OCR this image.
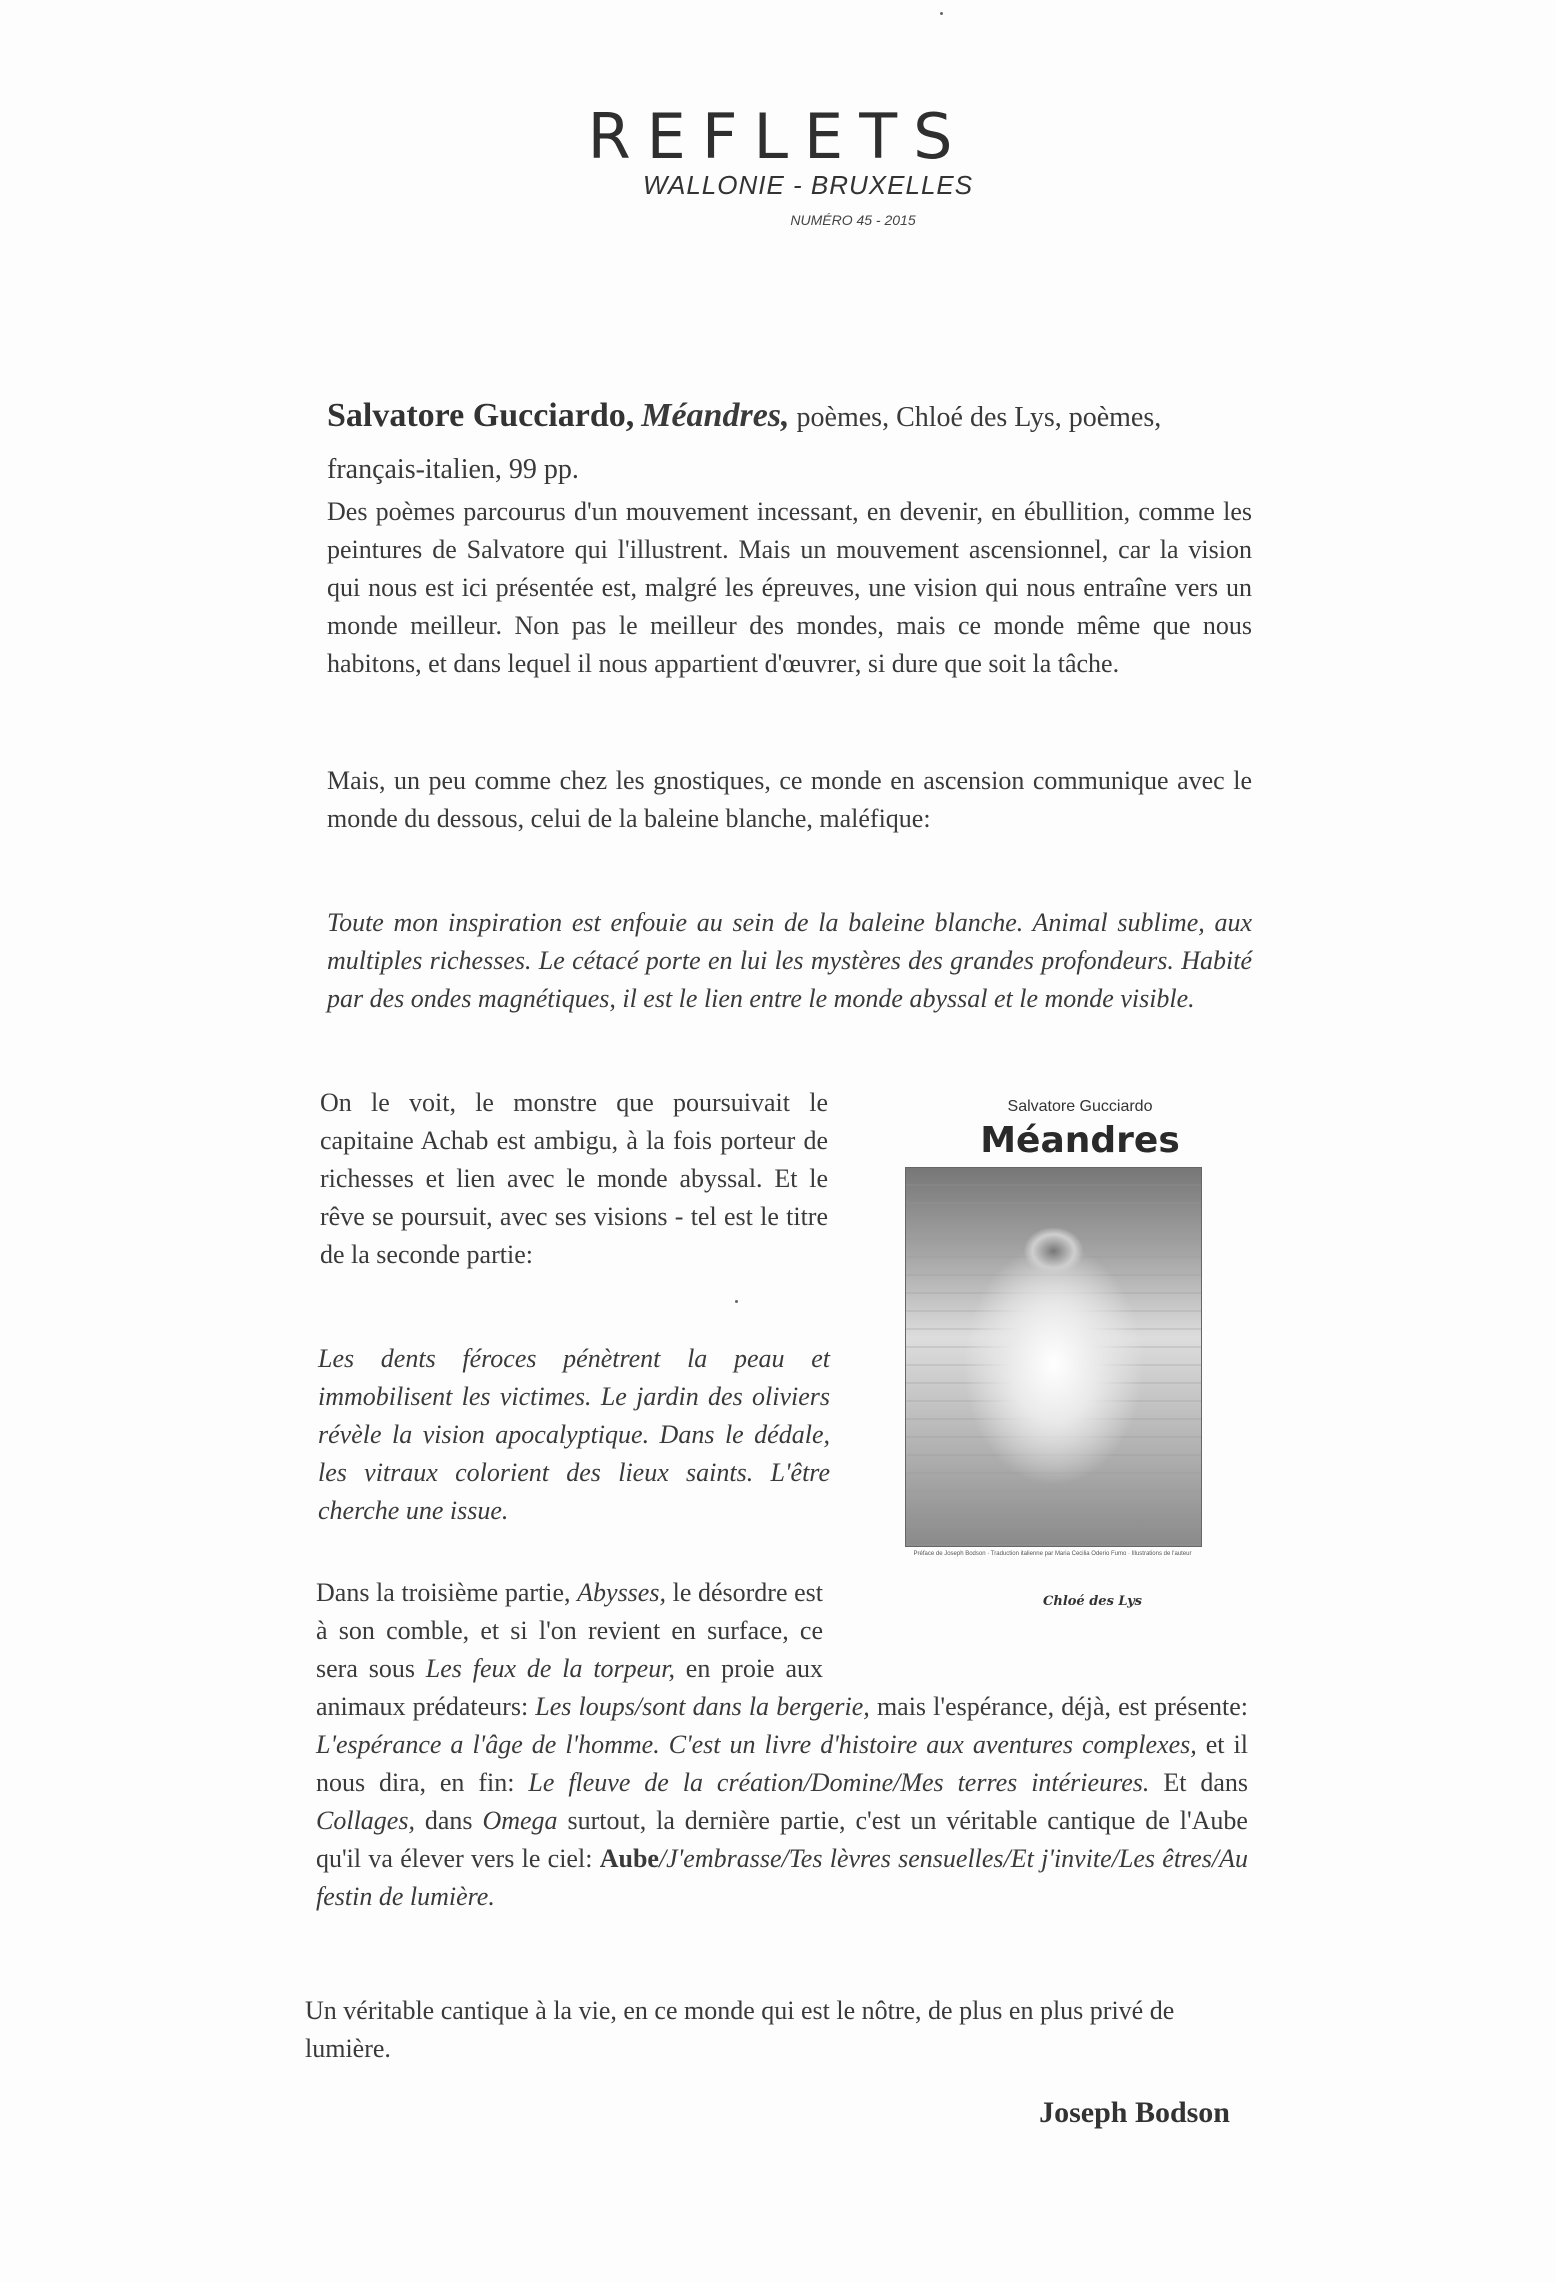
REFLETS
WALLONIE - BRUXELLES
NUMÉRO 45 - 2015

Salvatore Gucciardo, Méandres, poèmes, Chloé des Lys, poèmes, français-italien, 99 pp.

Des poèmes parcourus d'un mouvement incessant, en devenir, en ébullition, comme les peintures de Salvatore qui l'illustrent. Mais un mouvement ascensionnel, car la vision qui nous est ici présentée est, malgré les épreuves, une vision qui nous entraîne vers un monde meilleur. Non pas le meilleur des mondes, mais ce monde même que nous habitons, et dans lequel il nous appartient d'œuvrer, si dure que soit la tâche.

Mais, un peu comme chez les gnostiques, ce monde en ascension communique avec le monde du dessous, celui de la baleine blanche, maléfique:

Toute mon inspiration est enfouie au sein de la baleine blanche. Animal sublime, aux multiples richesses. Le cétacé porte en lui les mystères des grandes profondeurs. Habité par des ondes magnétiques, il est le lien entre le monde abyssal et le monde visible.

On le voit, le monstre que poursuivait le capitaine Achab est ambigu, à la fois porteur de richesses et lien avec le monde abyssal. Et le rêve se poursuit, avec ses visions - tel est le titre de la seconde partie:

Les dents féroces pénètrent la peau et immobilisent les victimes. Le jardin des oliviers révèle la vision apocalyptique. Dans le dédale, les vitraux colorient des lieux saints. L'être cherche une issue.

Dans la troisième partie, Abysses, le désordre est à son comble, et si l'on revient en surface, ce sera sous Les feux de la torpeur, en proie aux animaux prédateurs: Les loups/sont dans la bergerie, mais l'espérance, déjà, est présente: L'espérance a l'âge de l'homme. C'est un livre d'histoire aux aventures complexes, et il nous dira, en fin: Le fleuve de la création/Domine/Mes terres intérieures. Et dans Collages, dans Omega surtout, la dernière partie, c'est un véritable cantique de l'Aube qu'il va élever vers le ciel: Aube/J'embrasse/Tes lèvres sensuelles/Et j'invite/Les êtres/Au festin de lumière.

Un véritable cantique à la vie, en ce monde qui est le nôtre, de plus en plus privé de lumière.

Joseph Bodson
Salvatore Gucciardo
Méandres
Préface de Joseph Bodson · Traduction italienne par Maria Cecilia Oderio Fumo · Illustrations de l'auteur
Chloé des Lys
